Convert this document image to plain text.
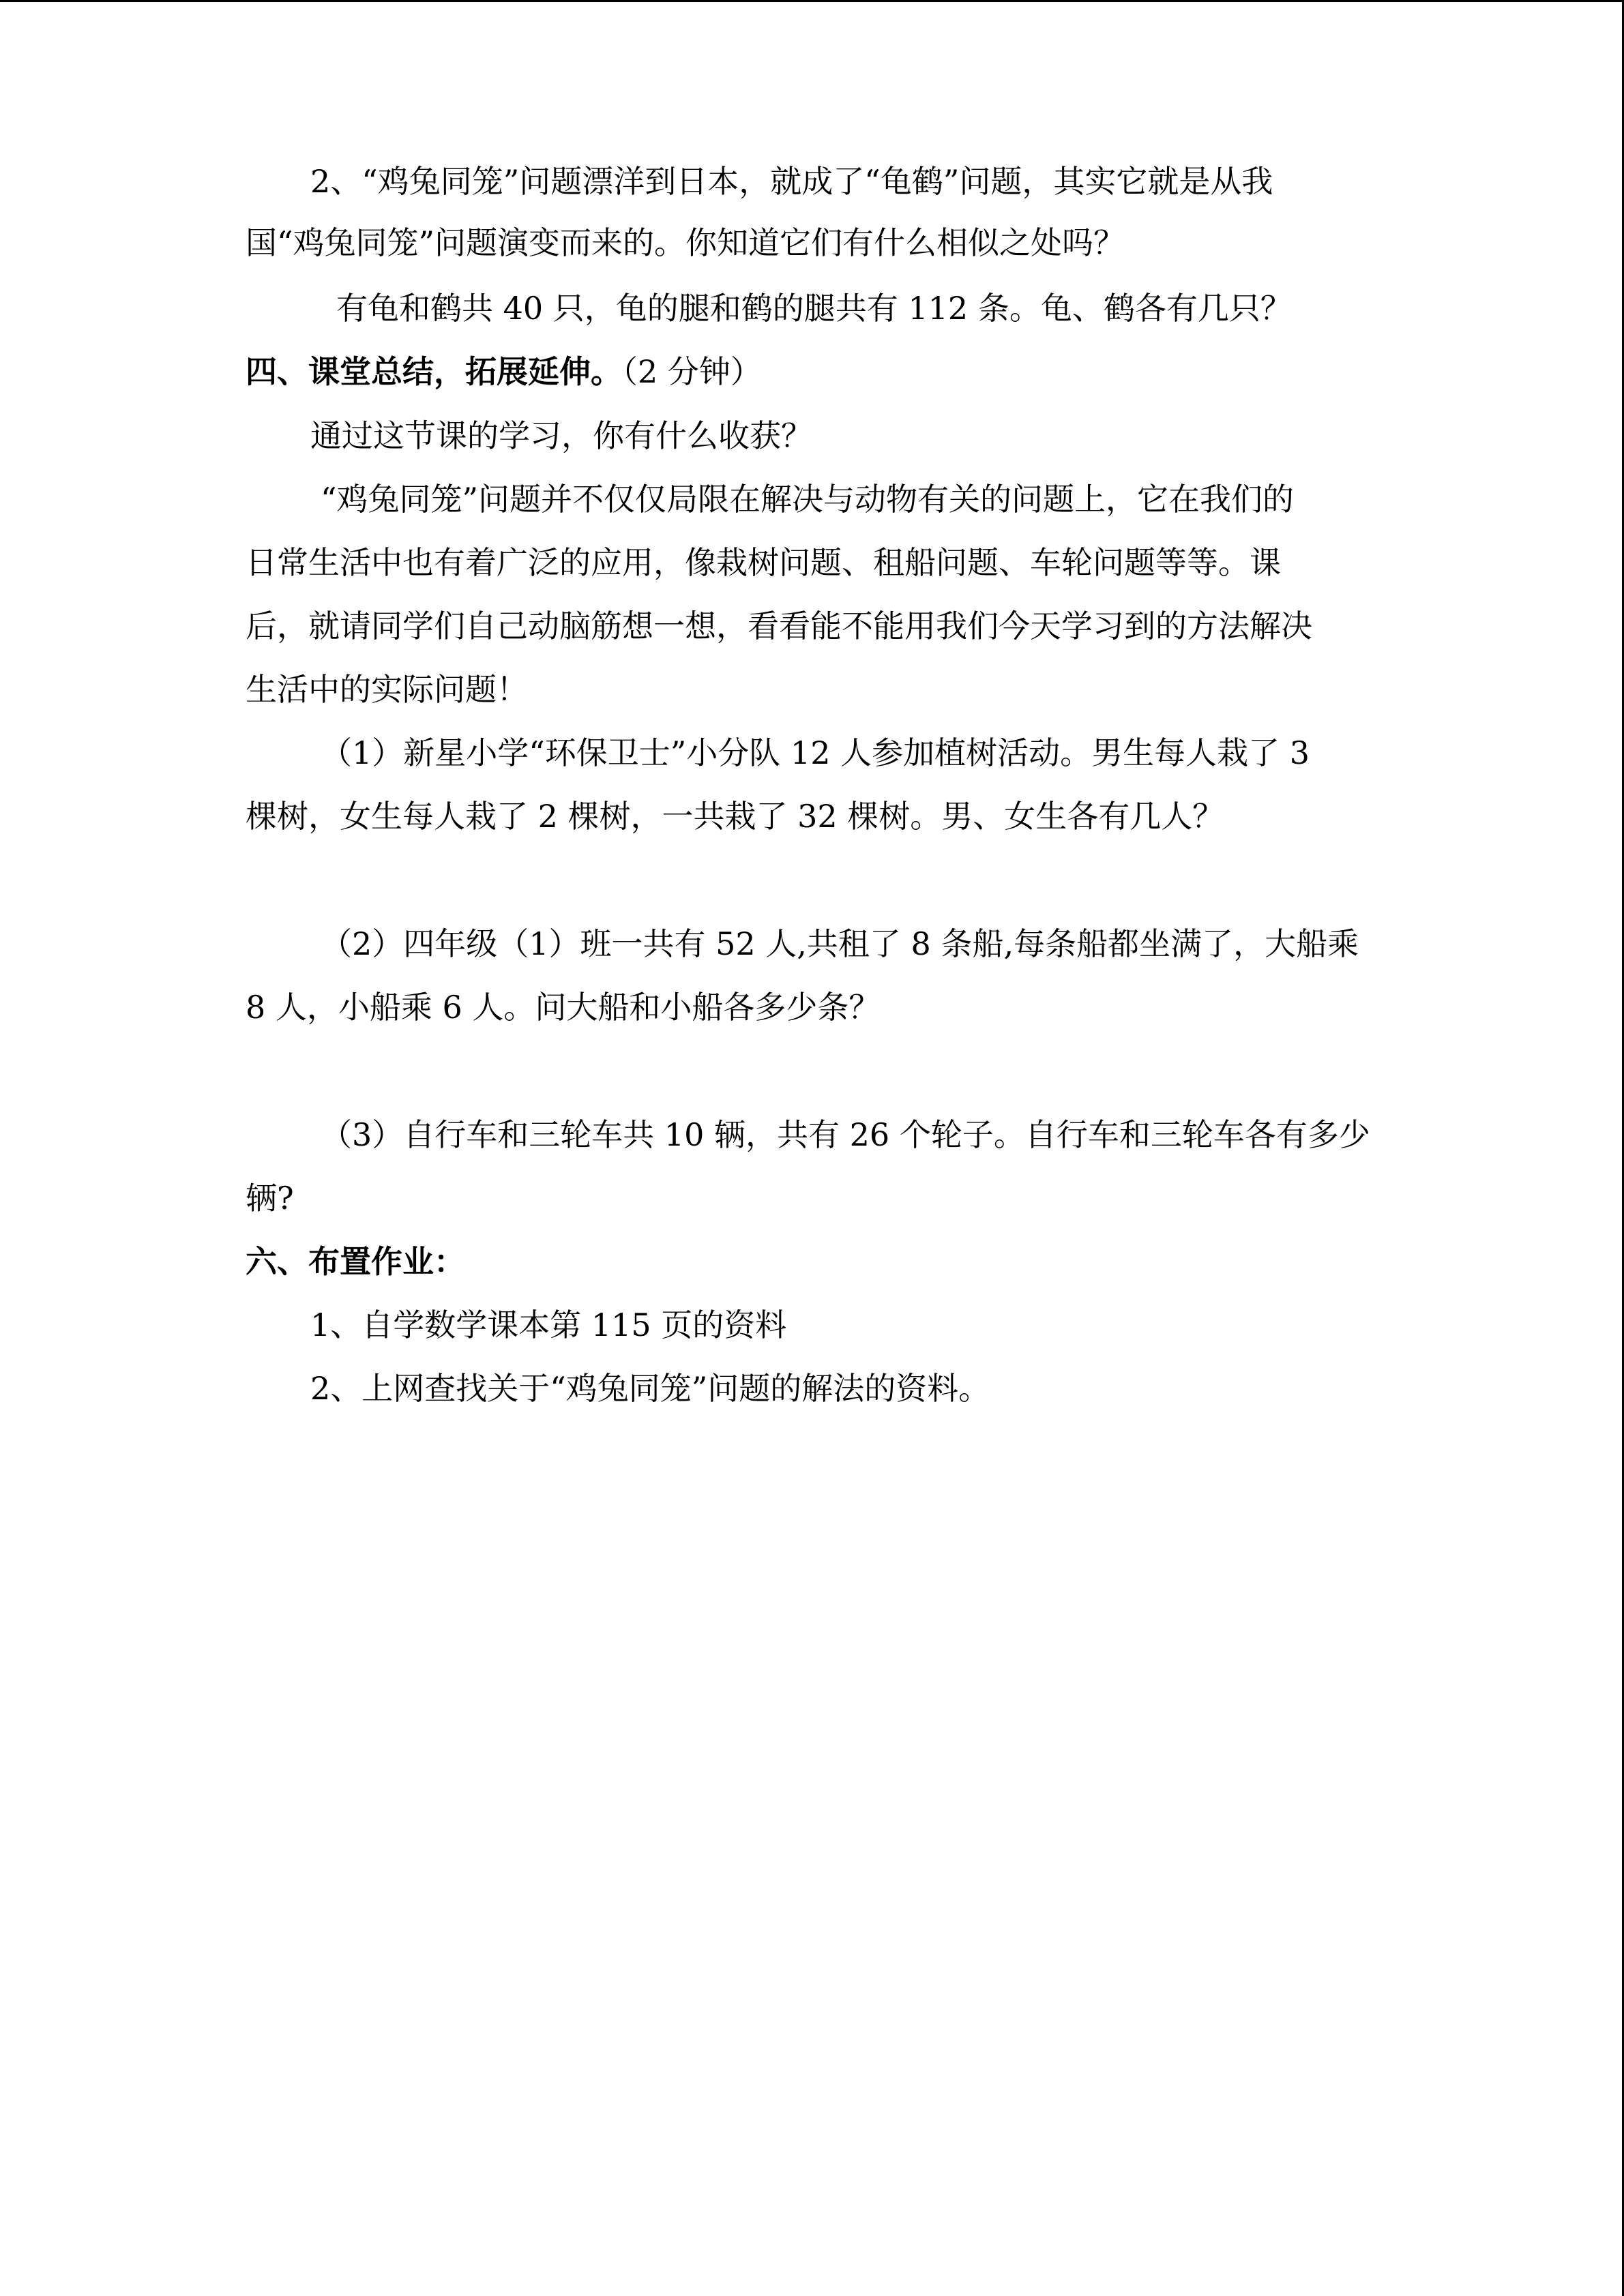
2、“鸡兔同笼”问题漂洋到日本，就成了“龟鹤”问题，其实它就是从我
国“鸡兔同笼”问题演变而来的。你知道它们有什么相似之处吗？
有龟和鹤共 40 只，龟的腿和鹤的腿共有 112 条。龟、鹤各有几只？
四、课堂总结，拓展延伸。（2 分钟）
通过这节课的学习，你有什么收获？
“鸡兔同笼”问题并不仅仅局限在解决与动物有关的问题上，它在我们的
日常生活中也有着广泛的应用，像栽树问题、租船问题、车轮问题等等。课
后，就请同学们自己动脑筋想一想，看看能不能用我们今天学习到的方法解决
生活中的实际问题！
（1）新星小学“环保卫士”小分队 12 人参加植树活动。男生每人栽了 3
棵树，女生每人栽了 2 棵树，一共栽了 32 棵树。男、女生各有几人？
（2）四年级（1）班一共有 52 人,共租了 8 条船,每条船都坐满了，大船乘
8 人，小船乘 6 人。问大船和小船各多少条？
（3）自行车和三轮车共 10 辆，共有 26 个轮子。自行车和三轮车各有多少
辆?
六、布置作业：
1、自学数学课本第 115 页的资料
2、上网查找关于“鸡兔同笼”问题的解法的资料。
